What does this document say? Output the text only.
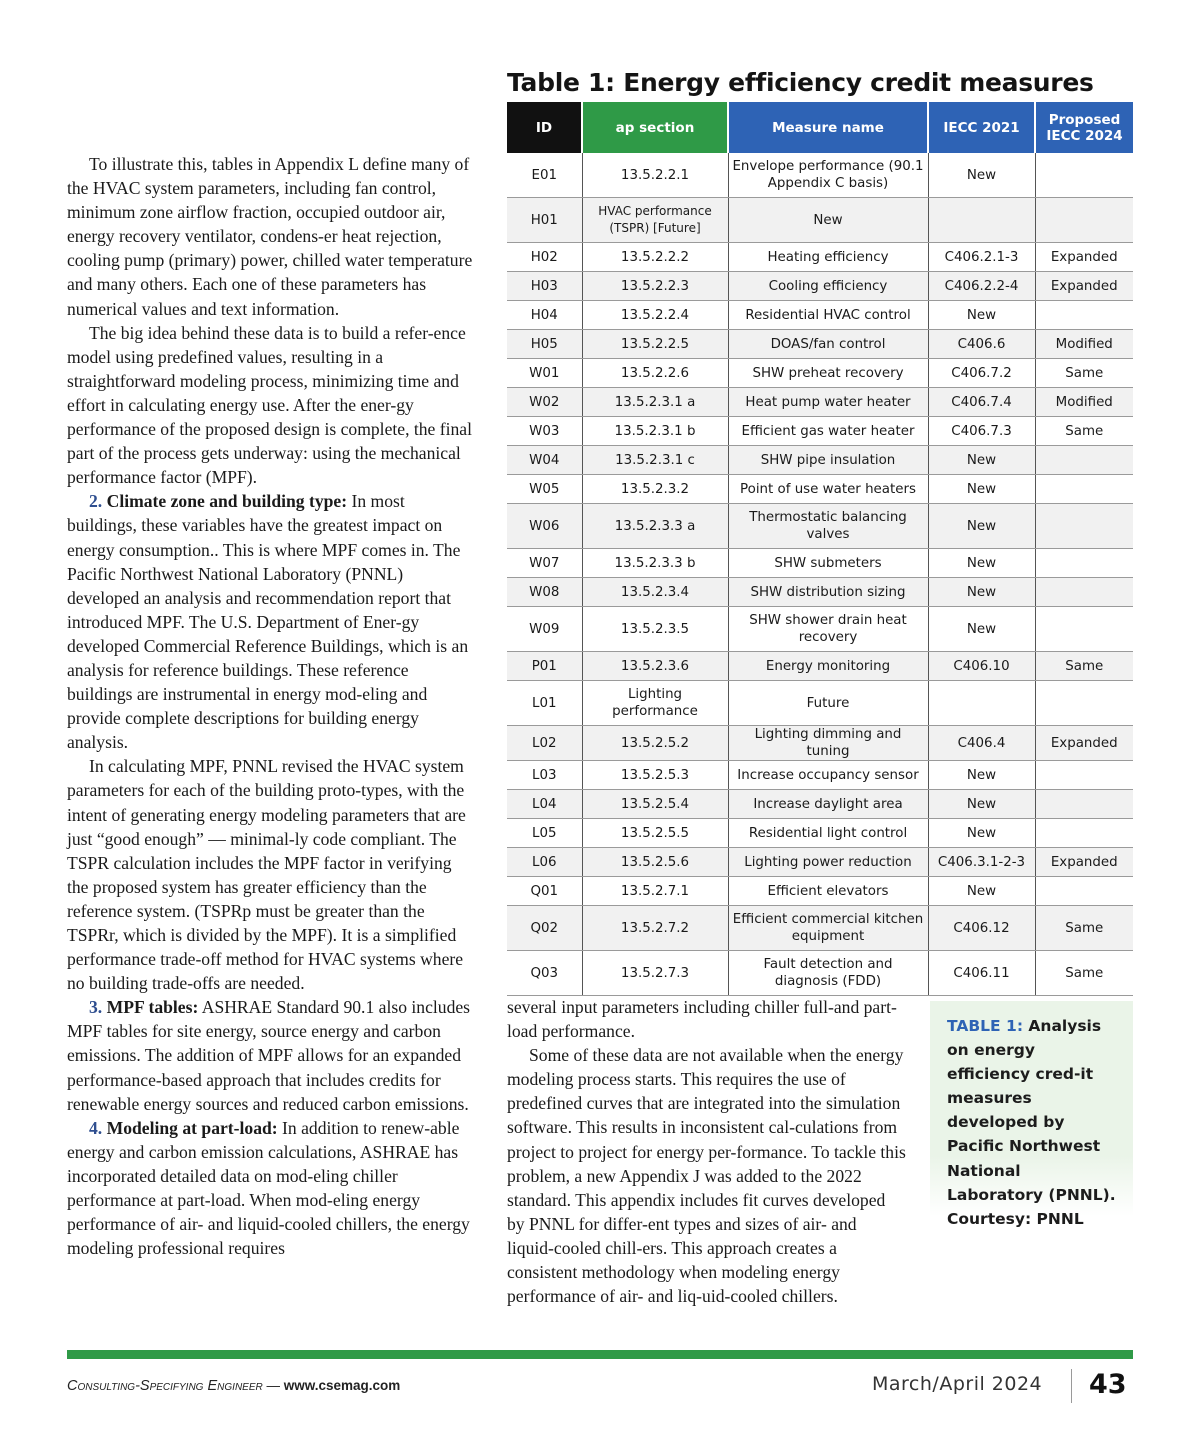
To illustrate this, tables in Appendix L define many of the HVAC system parameters, including fan control, minimum zone airflow fraction, occupied outdoor air, energy recovery ventilator, condens-er heat rejection, cooling pump (primary) power, chilled water temperature and many others. Each one of these parameters has numerical values and text information.

The big idea behind these data is to build a refer-ence model using predefined values, resulting in a straightforward modeling process, minimizing time and effort in calculating energy use. After the ener-gy performance of the proposed design is complete, the final part of the process gets underway: using the mechanical performance factor (MPF).

2. Climate zone and building type: In most buildings, these variables have the greatest impact on energy consumption.. This is where MPF comes in. The Pacific Northwest National Laboratory (PNNL) developed an analysis and recommendation report that introduced MPF. The U.S. Department of Ener-gy developed Commercial Reference Buildings, which is an analysis for reference buildings. These reference buildings are instrumental in energy mod-eling and provide complete descriptions for building energy analysis.

In calculating MPF, PNNL revised the HVAC system parameters for each of the building proto-types, with the intent of generating energy modeling parameters that are just “good enough” — minimal-ly code compliant. The TSPR calculation includes the MPF factor in verifying the proposed system has greater efficiency than the reference system. (TSPRp must be greater than the TSPRr, which is divided by the MPF). It is a simplified performance trade-off method for HVAC systems where no building trade-offs are needed.

3. MPF tables: ASHRAE Standard 90.1 also includes MPF tables for site energy, source energy and carbon emissions. The addition of MPF allows for an expanded performance-based approach that includes credits for renewable energy sources and reduced carbon emissions.

4. Modeling at part-load: In addition to renew-able energy and carbon emission calculations, ASHRAE has incorporated detailed data on mod-eling chiller performance at part-load. When mod-eling energy performance of air- and liquid-cooled chillers, the energy modeling professional requires

Table 1: Energy efficiency credit measures
ID	ap section	Measure name	IECC 2021	Proposed IECC 2024
E01	13.5.2.2.1	Envelope performance (90.1 Appendix C basis)	New	
H01	HVAC performance (TSPR) [Future]	New		
H02	13.5.2.2.2	Heating efficiency	C406.2.1-3	Expanded
H03	13.5.2.2.3	Cooling efficiency	C406.2.2-4	Expanded
H04	13.5.2.2.4	Residential HVAC control	New	
H05	13.5.2.2.5	DOAS/fan control	C406.6	Modified
W01	13.5.2.2.6	SHW preheat recovery	C406.7.2	Same
W02	13.5.2.3.1 a	Heat pump water heater	C406.7.4	Modified
W03	13.5.2.3.1 b	Efficient gas water heater	C406.7.3	Same
W04	13.5.2.3.1 c	SHW pipe insulation	New	
W05	13.5.2.3.2	Point of use water heaters	New	
W06	13.5.2.3.3 a	Thermostatic balancing valves	New	
W07	13.5.2.3.3 b	SHW submeters	New	
W08	13.5.2.3.4	SHW distribution sizing	New	
W09	13.5.2.3.5	SHW shower drain heat recovery	New	
P01	13.5.2.3.6	Energy monitoring	C406.10	Same
L01	Lighting performance	Future		
L02	13.5.2.5.2	Lighting dimming and tuning	C406.4	Expanded
L03	13.5.2.5.3	Increase occupancy sensor	New	
L04	13.5.2.5.4	Increase daylight area	New	
L05	13.5.2.5.5	Residential light control	New	
L06	13.5.2.5.6	Lighting power reduction	C406.3.1-2-3	Expanded
Q01	13.5.2.7.1	Efficient elevators	New	
Q02	13.5.2.7.2	Efficient commercial kitchen equipment	C406.12	Same
Q03	13.5.2.7.3	Fault detection and diagnosis (FDD)	C406.11	Same

several input parameters including chiller full-and part-load performance.

Some of these data are not available when the energy modeling process starts. This requires the use of predefined curves that are integrated into the simulation software. This results in inconsistent cal-culations from project to project for energy per-formance. To tackle this problem, a new Appendix J was added to the 2022 standard. This appendix includes fit curves developed by PNNL for differ-ent types and sizes of air- and liquid-cooled chill-ers. This approach creates a consistent methodology when modeling energy performance of air- and liq-uid-cooled chillers.

TABLE 1: Analysis on energy efficiency cred-it measures developed by Pacific Northwest National Laboratory (PNNL). Courtesy: PNNL
Consulting-Specifying Engineer — www.csemag.com	March/April 2024 43
